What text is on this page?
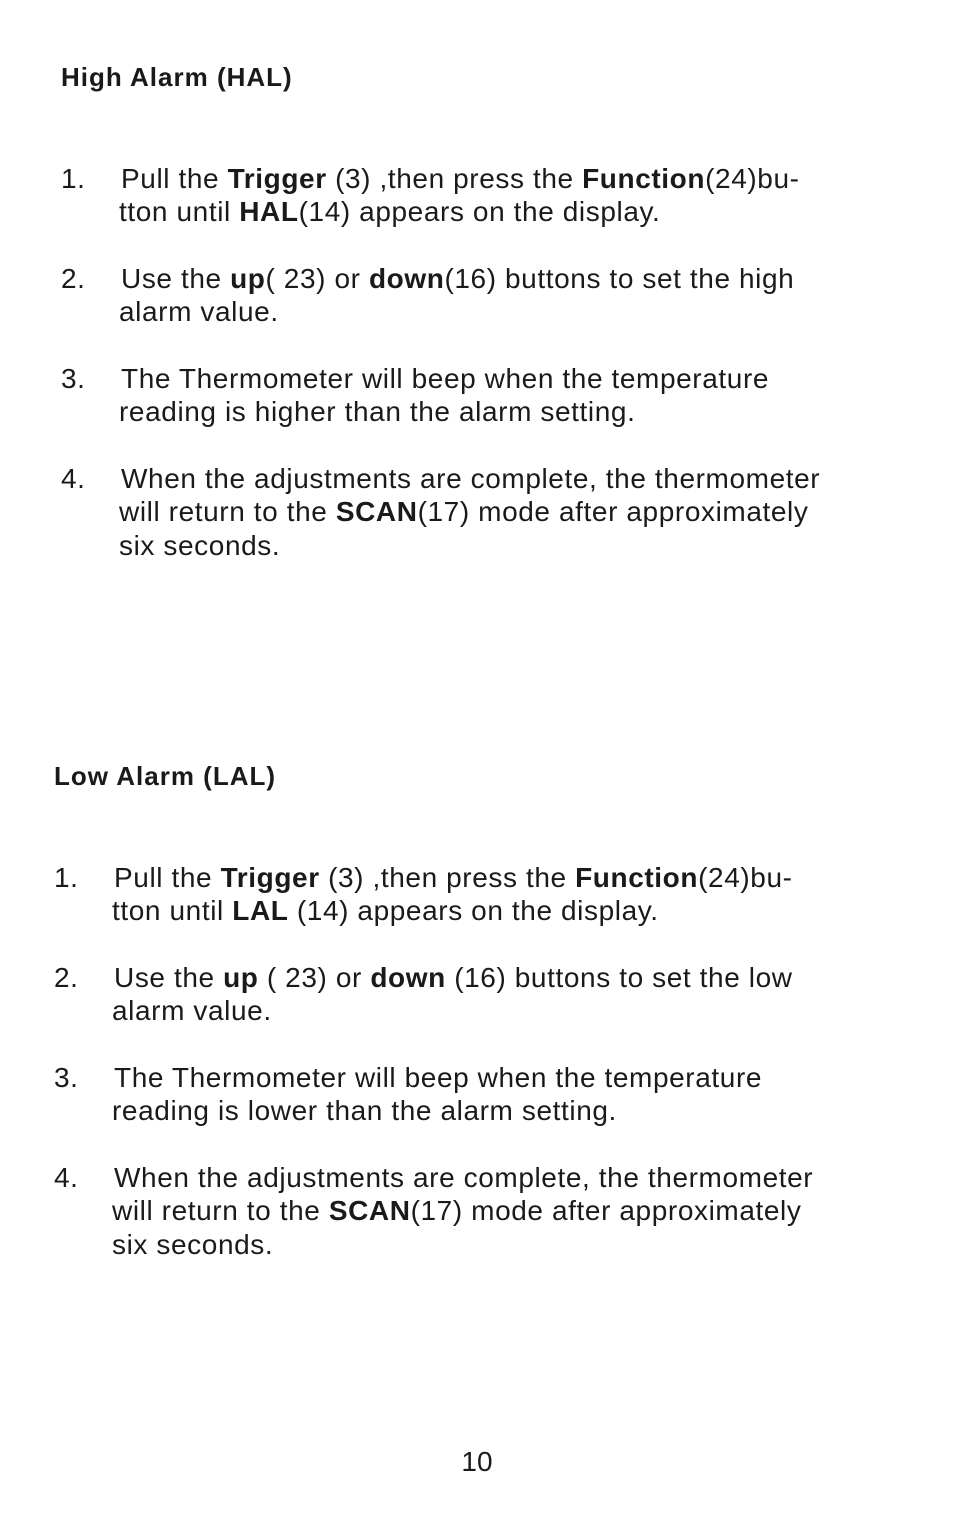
High Alarm (HAL)
1. Pull the Trigger (3) ,then press the Function(24)bu-
tton until HAL(14) appears on the display.
2. Use the up( 23) or down(16) buttons to set the high
alarm value.
3. The Thermometer will beep when the temperature
reading is higher than the alarm setting.
4. When the adjustments are complete, the thermometer
will return to the SCAN(17) mode after approximately
six seconds.
Low Alarm (LAL)
1. Pull the Trigger (3) ,then press the Function(24)bu-
tton until LAL (14) appears on the display.
2. Use the up ( 23) or down (16) buttons to set the low
alarm value.
3. The Thermometer will beep when the temperature
reading is lower than the alarm setting.
4. When the adjustments are complete, the thermometer
will return to the SCAN(17) mode after approximately
six seconds.
10
